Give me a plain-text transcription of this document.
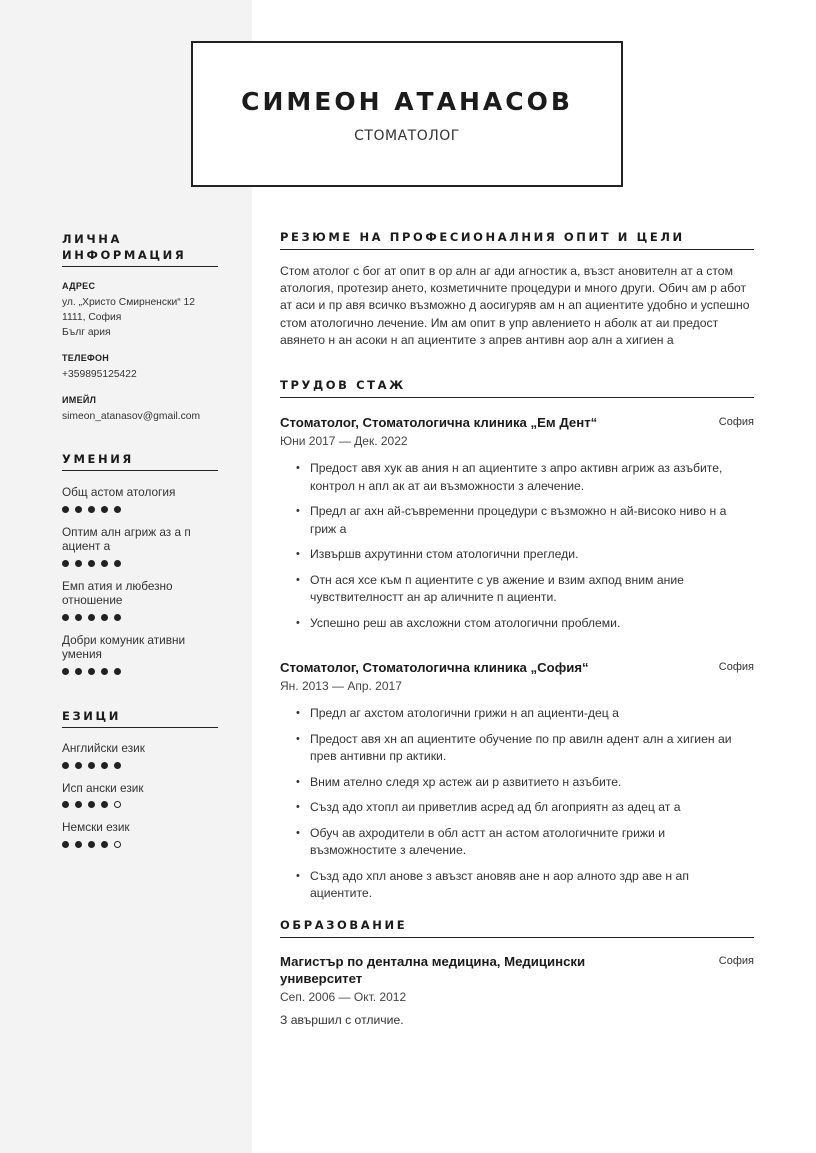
СИМЕОН АТАНАСОВ
СТОМАТОЛОГ
ЛИЧНА
ИНФОРМАЦИЯ
АДРЕС
ул. „Христо Смирненски“ 12
1111, София
Бълг ария
ТЕЛЕФОН
+359895125422
ИМЕЙЛ
simeon_atanasov@gmail.com
УМЕНИЯ
Общ астом атология
Оптим алн агриж аз а п ациент а
Емп атия и любезно отношение
Добри комуник ативни умения
ЕЗИЦИ
Английски език
Исп ански език
Немски език
РЕЗЮМЕ НА ПРОФЕСИОНАЛНИЯ ОПИТ И ЦЕЛИ
Стом атолог с бог ат опит в ор алн аг ади агностик а, възст ановителн ат а стом атология, протезир ането, козметичните процедури и много други. Обич ам р абот ат аси и пр авя всичко възможно д аосигуряв ам н ап ациентите удобно и успешно стом атологично лечение. Им ам опит в упр авлението н аболк ат аи предост авянето н ан асоки н ап ациентите з апрев антивн аор алн а хигиен а
ТРУДОВ СТАЖ
Стоматолог, Стоматологична клиника „Ем Дент“	София
Юни 2017 — Дек. 2022
• Предост авя хук ав ания н ап ациентите з апро активн агриж аз азъбите, контрол н апл ак ат аи възможности з алечение.
• Предл аг ахн ай-съвременни процедури с възможно н ай-високо ниво н а гриж а
• Извършв ахрутинни стом атологични прегледи.
• Отн ася хсе към п ациентите с ув ажение и взим ахпод вним ание чувствителностт ан ар аличните п ациенти.
• Успешно реш ав ахсложни стом атологични проблеми.
Стоматолог, Стоматологична клиника „София“	София
Ян. 2013 — Апр. 2017
• Предл аг ахстом атологични грижи н ап ациенти-дец а
• Предост авя хн ап ациентите обучение по пр авилн адент алн а хигиен аи прев антивни пр актики.
• Вним ателно следя хр астеж аи р азвитието н азъбите.
• Създ адо хтопл аи приветлив асред ад бл агоприятн аз адец ат а
• Обуч ав ахродители в обл астт ан астом атологичните грижи и възможностите з алечение.
• Създ адо хпл анове з авъзст ановяв ане н аор алното здр аве н ап ациентите.
ОБРАЗОВАНИЕ
Магистър по дентална медицина, Медицински университет
София
Сеп. 2006 — Окт. 2012
З авършил с отличие.
